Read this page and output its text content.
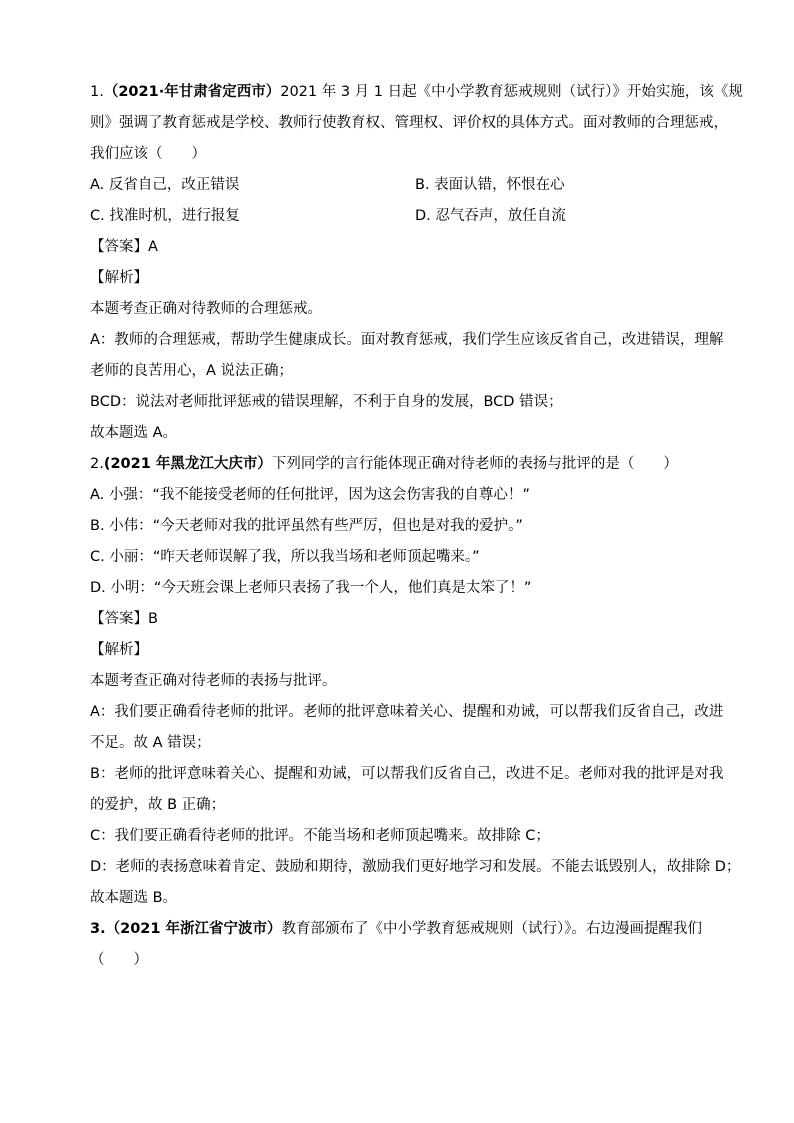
1.（2021·年甘肃省定西市）2021 年 3 月 1 日起《中小学教育惩戒规则（试行）》开始实施，该《规
则》强调了教育惩戒是学校、教师行使教育权、管理权、评价权的具体方式。面对教师的合理惩戒，
我们应该（　　）
A. 反省自己，改正错误	B. 表面认错，怀恨在心
C. 找准时机，进行报复	D. 忍气吞声，放任自流
【答案】A
【解析】
本题考查正确对待教师的合理惩戒。
A：教师的合理惩戒，帮助学生健康成长。面对教育惩戒，我们学生应该反省自己，改进错误，理解
老师的良苦用心，A 说法正确；
BCD：说法对老师批评惩戒的错误理解，不利于自身的发展，BCD 错误；
故本题选 A。
2.(2021 年黑龙江大庆市）下列同学的言行能体现正确对待老师的表扬与批评的是（　　）
A. 小强：“我不能接受老师的任何批评，因为这会伤害我的自尊心！”
B. 小伟：“今天老师对我的批评虽然有些严厉，但也是对我的爱护。”
C. 小丽：“昨天老师误解了我，所以我当场和老师顶起嘴来。”
D. 小明：“今天班会课上老师只表扬了我一个人，他们真是太笨了！”
【答案】B
【解析】
本题考查正确对待老师的表扬与批评。
A：我们要正确看待老师的批评。老师的批评意味着关心、提醒和劝诫，可以帮我们反省自己，改进
不足。故 A 错误；
B：老师的批评意味着关心、提醒和劝诫，可以帮我们反省自己，改进不足。老师对我的批评是对我
的爱护，故 B 正确；
C：我们要正确看待老师的批评。不能当场和老师顶起嘴来。故排除 C；
D：老师的表扬意味着肯定、鼓励和期待，激励我们更好地学习和发展。不能去诋毁别人，故排除 D；
故本题选 B。
3.（2021 年浙江省宁波市）教育部颁布了《中小学教育惩戒规则（试行）》。右边漫画提醒我们
（　　）
